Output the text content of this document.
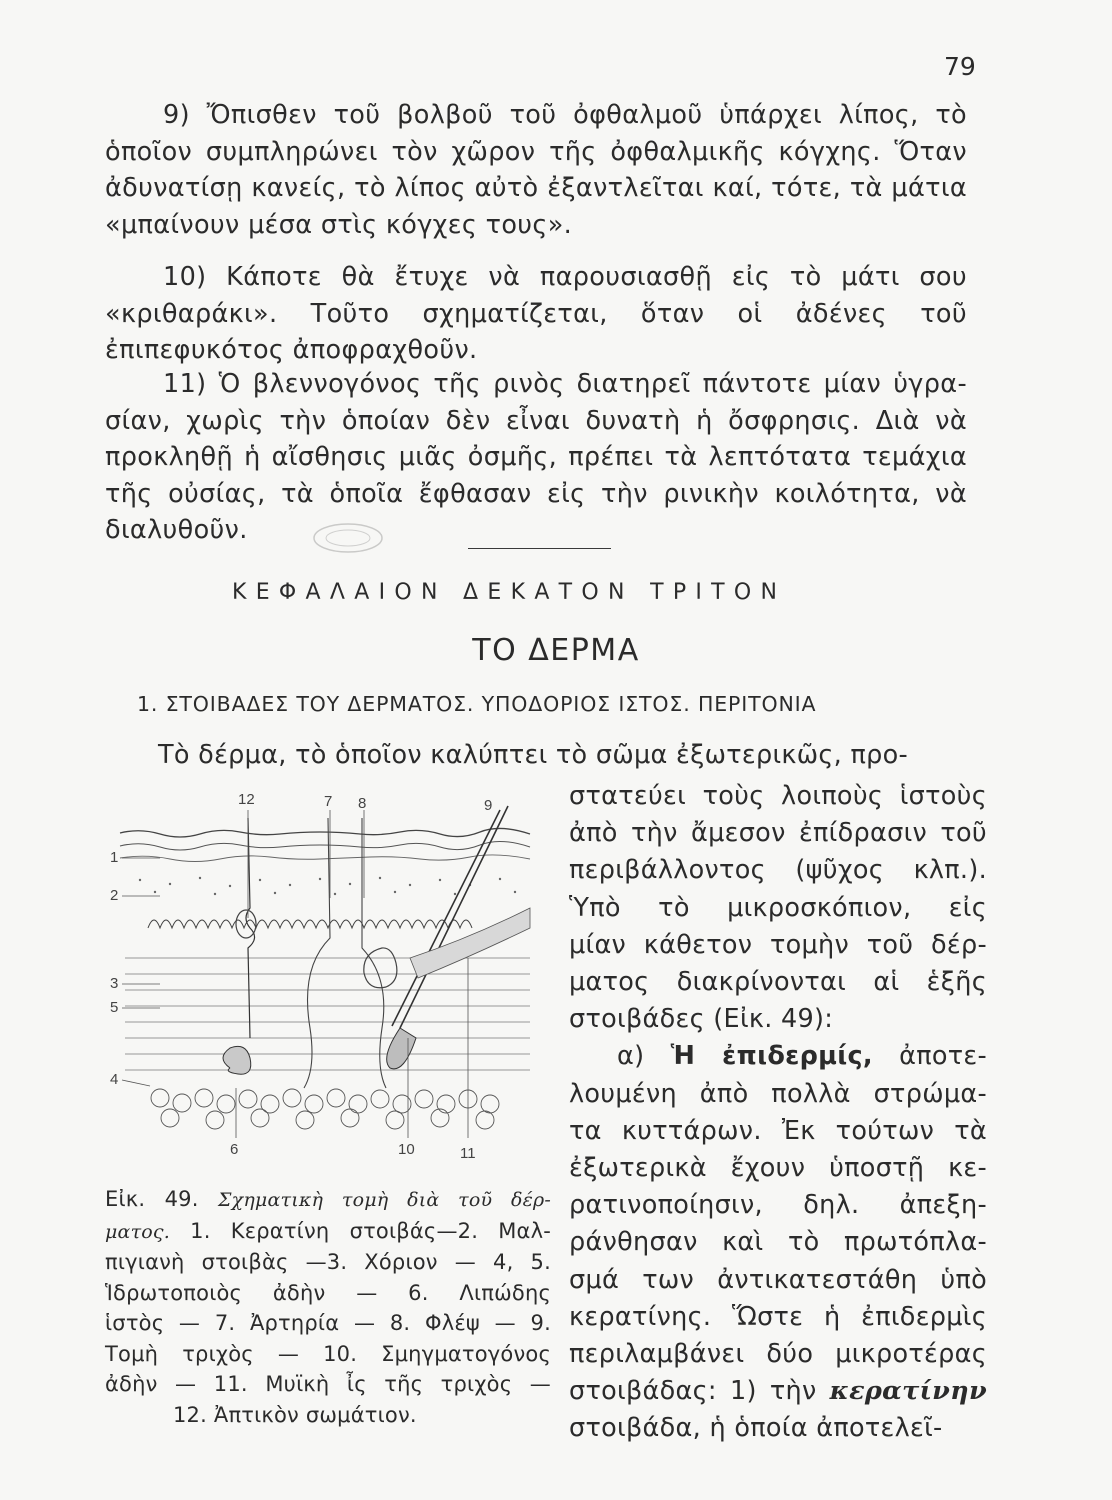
79

9) Ὄπισθεν τοῦ βολβοῦ τοῦ ὀφθαλμοῦ ὑπάρχει λίπος, τὸ ὁποῖον συμπληρώνει τὸν χῶρον τῆς ὀφθαλμικῆς κόγχης. Ὅταν ἀδυνατίσῃ κανείς, τὸ λίπος αὐτὸ ἐξαντλεῖται καί, τότε, τὰ μάτια «μπαίνουν μέσα στὶς κόγχες τους».

10) Κάποτε θὰ ἔτυχε νὰ παρουσιασθῇ εἰς τὸ μάτι σου «κριθαράκι». Τοῦτο σχηματίζεται, ὅταν οἱ ἀδένες τοῦ ἐπιπεφυκότος ἀποφραχθοῦν.

11) Ὁ βλεννογόνος τῆς ρινὸς διατηρεῖ πάντοτε μίαν ὑγρα- σίαν, χωρὶς τὴν ὁποίαν δὲν εἶναι δυνατὴ ἡ ὄσφρησις. Διὰ νὰ προκληθῇ ἡ αἴσθησις μιᾶς ὀσμῆς, πρέπει τὰ λεπτότατα τεμάχια τῆς οὐσίας, τὰ ὁποῖα ἔφθασαν εἰς τὴν ρινικὴν κοιλότητα, νὰ διαλυθοῦν.

ΚΕΦΑΛΑΙΟΝ ΔΕΚΑΤΟΝ ΤΡΙΤΟΝ
ΤΟ ΔΕΡΜΑ
1. ΣΤΟΙΒΑΔΕΣ ΤΟΥ ΔΕΡΜΑΤΟΣ. ΥΠΟΔΟΡΙΟΣ ΙΣΤΟΣ. ΠΕΡΙΤΟΝΙΑ
Τὸ δέρμα, τὸ ὁποῖον καλύπτει τὸ σῶμα ἐξωτερικῶς, προ-

στατεύει τοὺς λοιποὺς ἱστοὺς
ἀπὸ τὴν ἄμεσον ἐπίδρασιν τοῦ
περιβάλλοντος (ψῦχος κλπ.).
Ὑπὸ τὸ μικροσκόπιον, εἰς
μίαν κάθετον τομὴν τοῦ δέρ-
ματος διακρίνονται αἱ ἑξῆς
στοιβάδες (Εἰκ. 49):
α) Ἡ ἐπιδερμίς, ἀποτε-
λουμένη ἀπὸ πολλὰ στρώμα-
τα κυττάρων. Ἐκ τούτων τὰ
ἐξωτερικὰ ἔχουν ὑποστῇ κε-
ρατινοποίησιν, δηλ. ἀπεξη-
ράνθησαν καὶ τὸ πρωτόπλα-
σμά των ἀντικατεστάθη ὑπὸ
κερατίνης. Ὥστε ἡ ἐπιδερμὶς
περιλαμβάνει δύο μικροτέρας
στοιβάδας: 1) τὴν κερατίνην
στοιβάδα, ἡ ὁποία ἀποτελεῖ-

12	7 8	9
1
2
3
5
4
6	10	11

Εἰκ. 49. Σχηματικὴ τομὴ διὰ τοῦ δέρ-
ματος. 1. Κερατίνη στοιβάς—2. Μαλ-
πιγιανὴ στοιβὰς —3. Χόριον — 4, 5.
Ἱδρωτοποιὸς ἀδὴν — 6. Λιπώδης
ἱστὸς — 7. Ἀρτηρία — 8. Φλέψ — 9.
Τομὴ τριχὸς — 10. Σμηγματογόνος
ἀδὴν — 11. Μυϊκὴ ἶς τῆς τριχὸς —
12. Ἀπτικὸν σωμάτιον.
